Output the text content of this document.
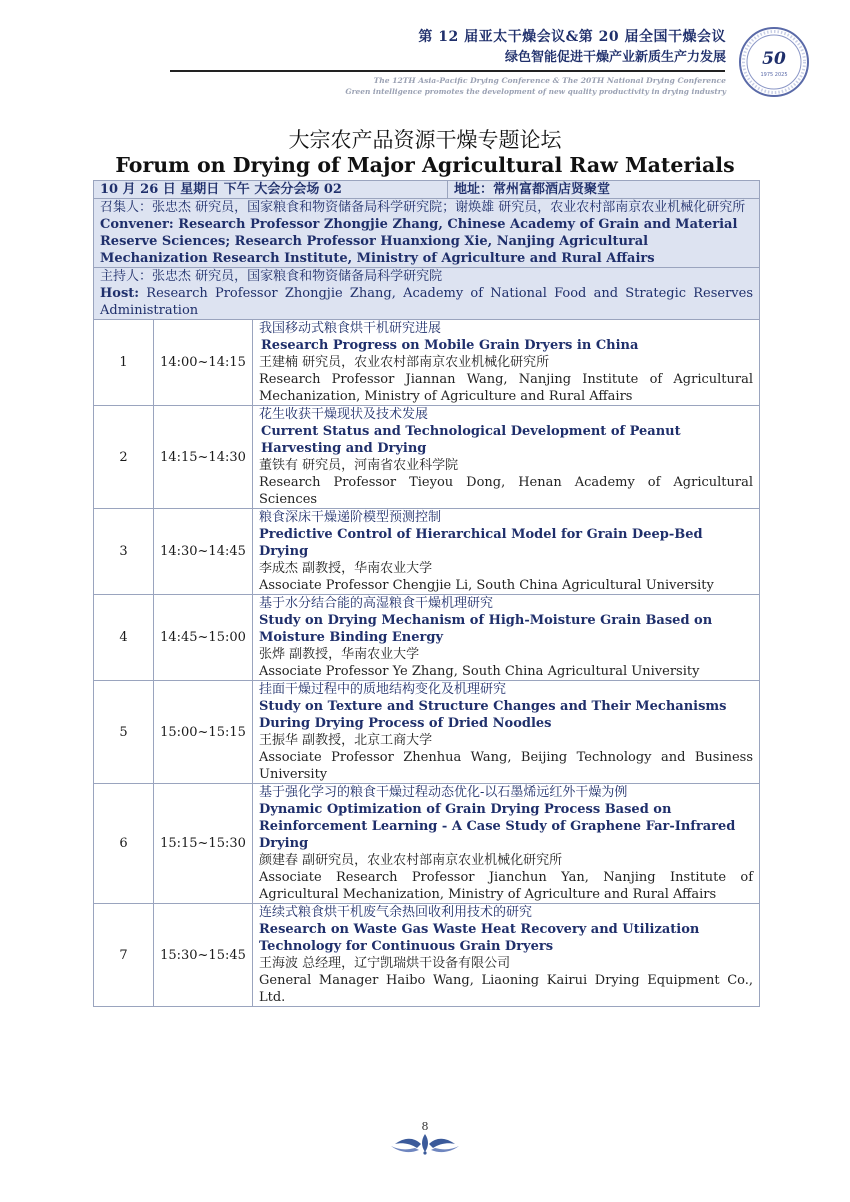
第 12 届亚太干燥会议&第 20 届全国干燥会议
绿色智能促进干燥产业新质生产力发展
The 12TH Asia-Pacific Drying Conference & The 20TH National Drying Conference
Green intelligence promotes the development of new quality productivity in drying industry
50
1975 2025
大宗农产品资源干燥专题论坛
Forum on Drying of Major Agricultural Raw Materials
10 月 26 日 星期日 下午 大会分会场 02			地址：常州富都酒店贤聚堂

召集人：张忠杰 研究员，国家粮食和物资储备局科学研究院；谢焕雄 研究员，农业农村部南京农业机械化研究所
Convener: Research Professor Zhongjie Zhang, Chinese Academy of Grain and Material Reserve Sciences; Research Professor Huanxiong Xie, Nanjing Agricultural Mechanization Research Institute, Ministry of Agriculture and Rural Affairs			

主持人：张忠杰 研究员，国家粮食和物资储备局科学研究院
Host: Research Professor Zhongjie Zhang, Academy of National Food and Strategic Reserves Administration			

1	14:00~14:15	我国移动式粮食烘干机研究进展
Research Progress on Mobile Grain Dryers in China
王建楠 研究员，农业农村部南京农业机械化研究所
Research Professor Jiannan Wang, Nanjing Institute of Agricultural Mechanization, Ministry of Agriculture and Rural Affairs	

2	14:15~14:30	花生收获干燥现状及技术发展
Current Status and Technological Development of Peanut Harvesting and Drying
董铁有 研究员，河南省农业科学院
Research Professor Tieyou Dong, Henan Academy of Agricultural Sciences	

3	14:30~14:45	粮食深床干燥递阶模型预测控制
Predictive Control of Hierarchical Model for Grain Deep-Bed Drying
李成杰 副教授，华南农业大学
Associate Professor Chengjie Li, South China Agricultural University	

4	14:45~15:00	基于水分结合能的高湿粮食干燥机理研究
Study on Drying Mechanism of High-Moisture Grain Based on Moisture Binding Energy
张烨 副教授，华南农业大学
Associate Professor Ye Zhang, South China Agricultural University	

5	15:00~15:15	挂面干燥过程中的质地结构变化及机理研究
Study on Texture and Structure Changes and Their Mechanisms During Drying Process of Dried Noodles
王振华 副教授，北京工商大学
Associate Professor Zhenhua Wang, Beijing Technology and Business University	

6	15:15~15:30	基于强化学习的粮食干燥过程动态优化-以石墨烯远红外干燥为例
Dynamic Optimization of Grain Drying Process Based on Reinforcement Learning - A Case Study of Graphene Far-Infrared Drying
颜建春 副研究员，农业农村部南京农业机械化研究所
Associate Research Professor Jianchun Yan, Nanjing Institute of Agricultural Mechanization, Ministry of Agriculture and Rural Affairs	

7	15:30~15:45	连续式粮食烘干机废气余热回收利用技术的研究
Research on Waste Gas Waste Heat Recovery and Utilization Technology for Continuous Grain Dryers
王海波 总经理，辽宁凯瑞烘干设备有限公司
General Manager Haibo Wang, Liaoning Kairui Drying Equipment Co., Ltd.	
8
